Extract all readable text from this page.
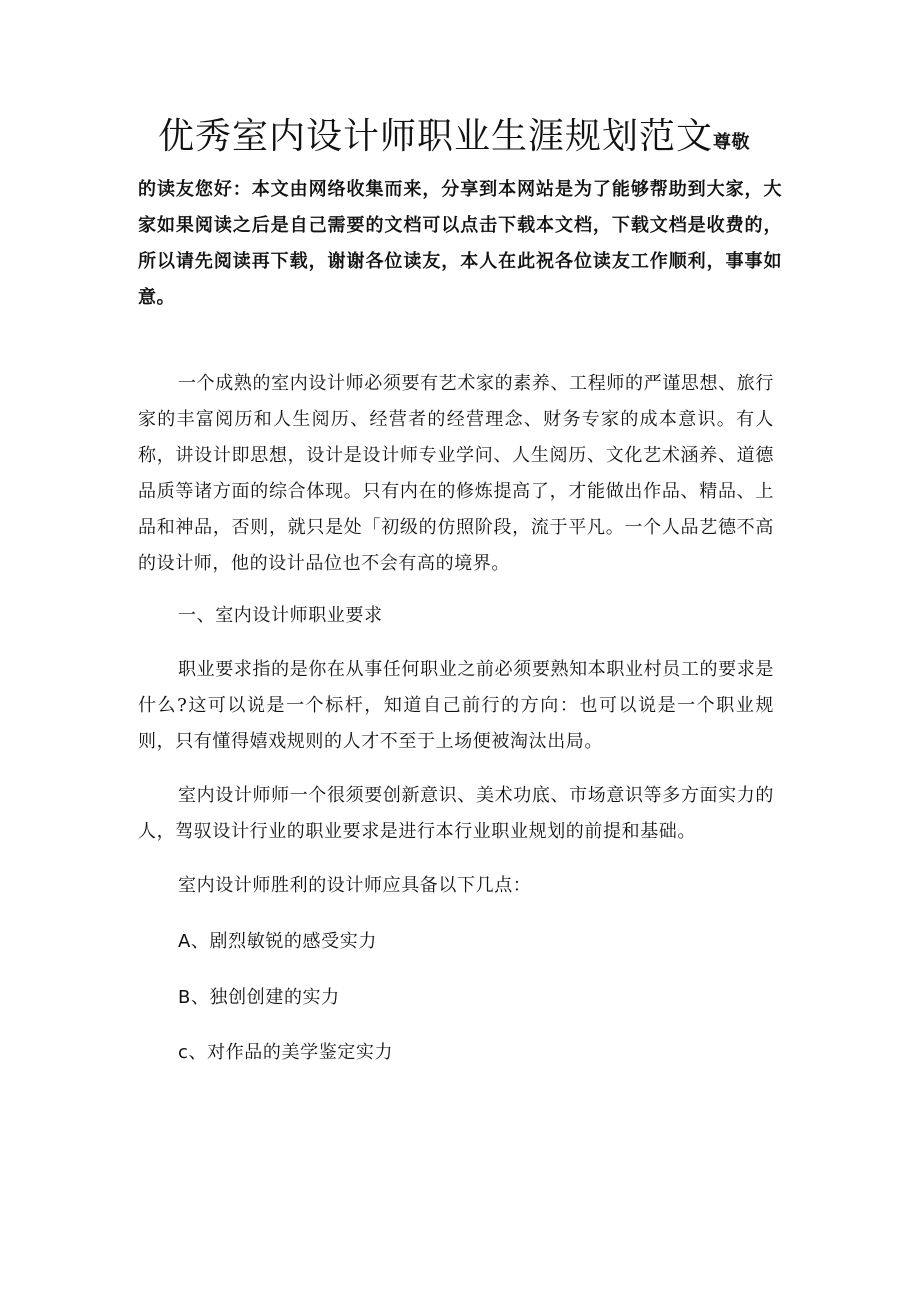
优秀室内设计师职业生涯规划范文尊敬
的读友您好：本文由网络收集而来，分享到本网站是为了能够帮助到大家，大家如果阅读之后是自己需要的文档可以点击下载本文档，下载文档是收费的，所以请先阅读再下载，谢谢各位读友，本人在此祝各位读友工作顺利，事事如意。

一个成熟的室内设计师必须要有艺术家的素养、工程师的严谨思想、旅行家的丰富阅历和人生阅历、经营者的经营理念、财务专家的成本意识。有人称，讲设计即思想，设计是设计师专业学问、人生阅历、文化艺术涵养、道德品质等诸方面的综合体现。只有内在的修炼提高了，才能做出作品、精品、上品和神品，否则，就只是处「初级的仿照阶段，流于平凡。一个人品艺德不高的设计师，他的设计品位也不会有高的境界。

一、室内设计师职业要求

职业要求指的是你在从事任何职业之前必须要熟知本职业村员工的要求是什么?这可以说是一个标杆，知道自己前行的方向：也可以说是一个职业规则，只有懂得嬉戏规则的人才不至于上场便被淘汰出局。

室内设计师师一个很须要创新意识、美术功底、市场意识等多方面实力的人，驾驭设计行业的职业要求是进行本行业职业规划的前提和基础。

室内设计师胜利的设计师应具备以下几点：

A、剧烈敏锐的感受实力

B、独创创建的实力

c、对作品的美学鉴定实力
